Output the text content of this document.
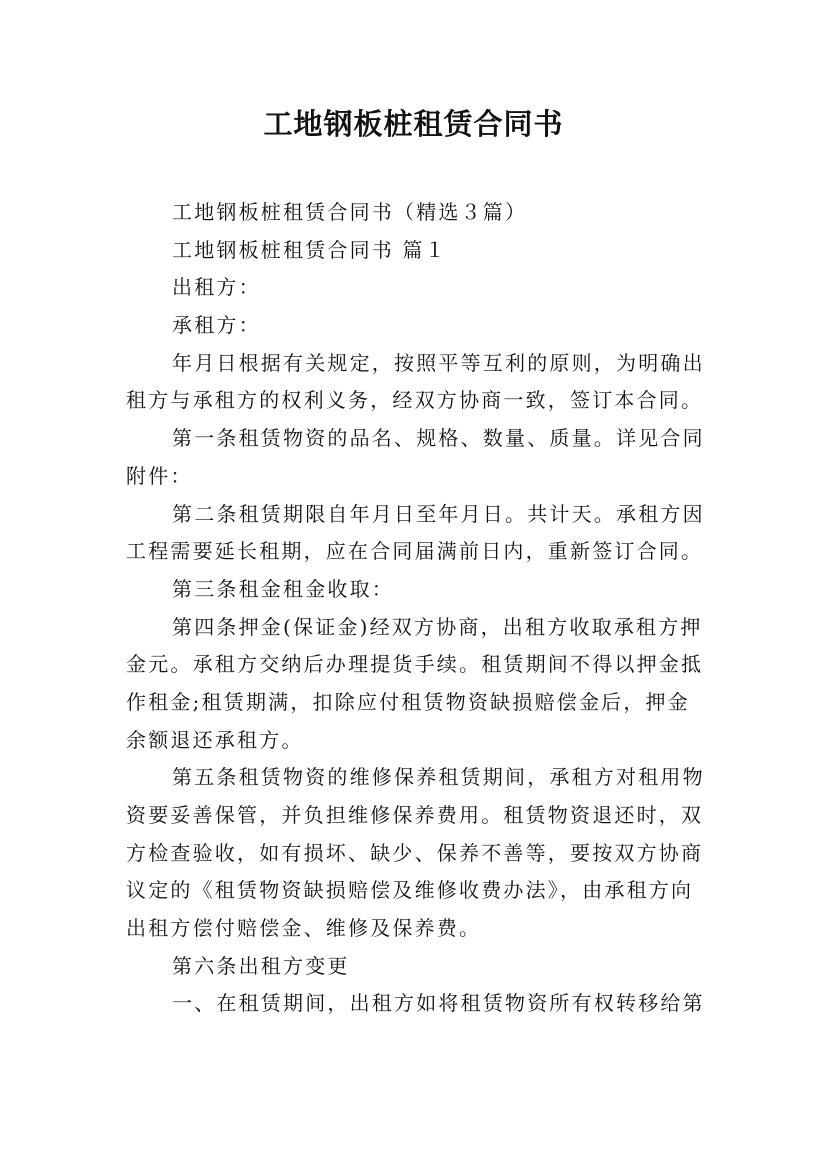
工地钢板桩租赁合同书
工地钢板桩租赁合同书（精选３篇）
工地钢板桩租赁合同书 篇１
出租方：
承租方：
年月日根据有关规定，按照平等互利的原则，为明确出
租方与承租方的权利义务，经双方协商一致，签订本合同。
第一条租赁物资的品名、规格、数量、质量。详见合同
附件：
第二条租赁期限自年月日至年月日。共计天。承租方因
工程需要延长租期，应在合同届满前日内，重新签订合同。
第三条租金租金收取：
第四条押金(保证金)经双方协商，出租方收取承租方押
金元。承租方交纳后办理提货手续。租赁期间不得以押金抵
作租金;租赁期满，扣除应付租赁物资缺损赔偿金后，押金
余额退还承租方。
第五条租赁物资的维修保养租赁期间，承租方对租用物
资要妥善保管，并负担维修保养费用。租赁物资退还时，双
方检查验收，如有损坏、缺少、保养不善等，要按双方协商
议定的《租赁物资缺损赔偿及维修收费办法》，由承租方向
出租方偿付赔偿金、维修及保养费。
第六条出租方变更
一、在租赁期间，出租方如将租赁物资所有权转移给第
